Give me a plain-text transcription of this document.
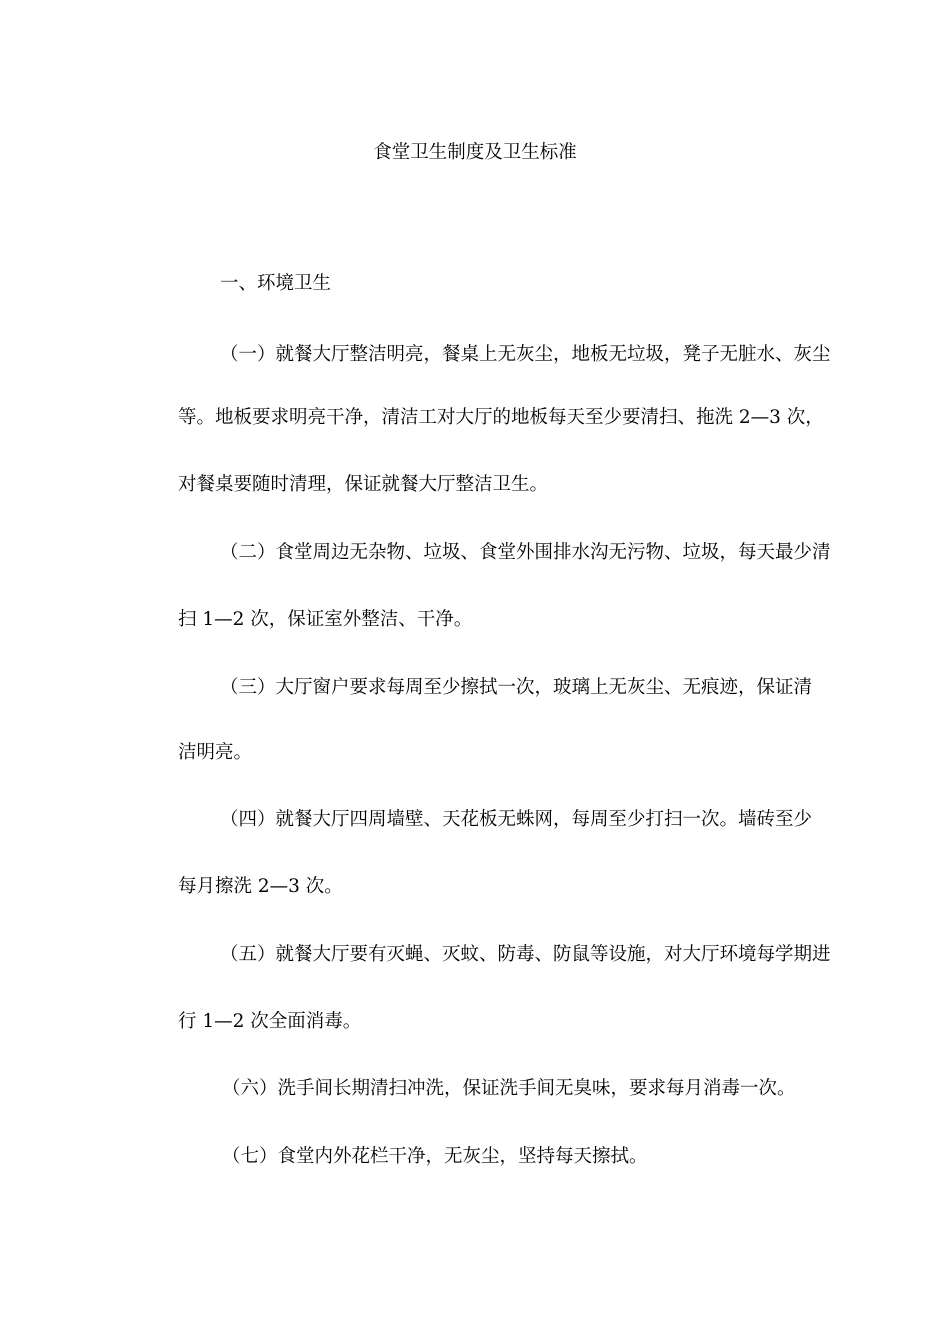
食堂卫生制度及卫生标准
一、环境卫生
（一）就餐大厅整洁明亮，餐桌上无灰尘，地板无垃圾，凳子无脏水、灰尘
等。地板要求明亮干净，清洁工对大厅的地板每天至少要清扫、拖洗 2—3 次，
对餐桌要随时清理，保证就餐大厅整洁卫生。
（二）食堂周边无杂物、垃圾、食堂外围排水沟无污物、垃圾，每天最少清
扫 1—2 次，保证室外整洁、干净。
（三）大厅窗户要求每周至少擦拭一次，玻璃上无灰尘、无痕迹，保证清
洁明亮。
（四）就餐大厅四周墙壁、天花板无蛛网，每周至少打扫一次。墙砖至少
每月擦洗 2—3 次。
（五）就餐大厅要有灭蝇、灭蚊、防毒、防鼠等设施，对大厅环境每学期进
行 1—2 次全面消毒。
（六）洗手间长期清扫冲洗，保证洗手间无臭味，要求每月消毒一次。
（七）食堂内外花栏干净，无灰尘，坚持每天擦拭。
